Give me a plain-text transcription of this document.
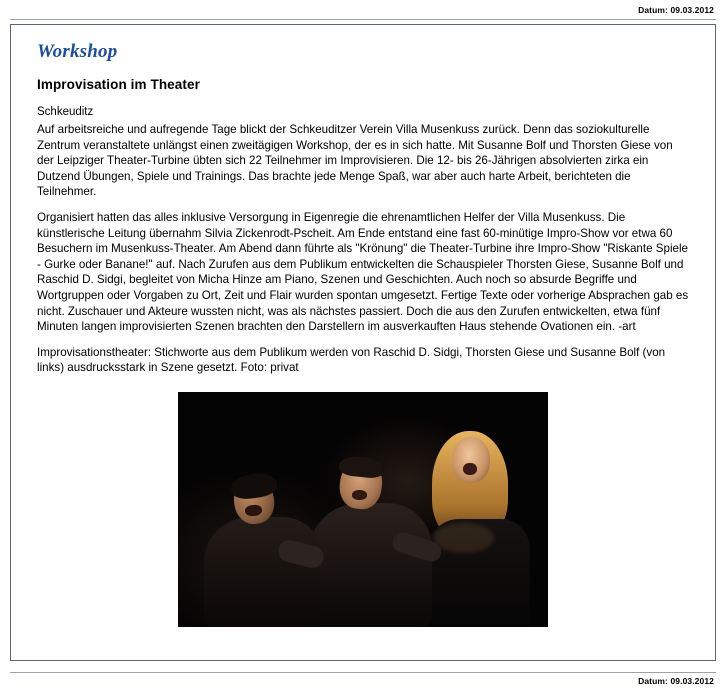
Datum: 09.03.2012
Workshop
Improvisation im Theater
Schkeuditz

Auf arbeitsreiche und aufregende Tage blickt der Schkeuditzer Verein Villa Musenkuss zurück. Denn das soziokulturelle Zentrum veranstaltete unlängst einen zweitägigen Workshop, der es in sich hatte. Mit Susanne Bolf und Thorsten Giese von der Leipziger Theater-Turbine übten sich 22 Teilnehmer im Improvisieren. Die 12- bis 26-Jährigen absolvierten zirka ein Dutzend Übungen, Spiele und Trainings. Das brachte jede Menge Spaß, war aber auch harte Arbeit, berichteten die Teilnehmer.

Organisiert hatten das alles inklusive Versorgung in Eigenregie die ehrenamtlichen Helfer der Villa Musenkuss. Die künstlerische Leitung übernahm Silvia Zickenrodt-Pscheit. Am Ende entstand eine fast 60-minütige Impro-Show vor etwa 60 Besuchern im Musenkuss-Theater. Am Abend dann führte als "Krönung" die Theater-Turbine ihre Impro-Show "Riskante Spiele - Gurke oder Banane!" auf. Nach Zurufen aus dem Publikum entwickelten die Schauspieler Thorsten Giese, Susanne Bolf und Raschid D. Sidgi, begleitet von Micha Hinze am Piano, Szenen und Geschichten. Auch noch so absurde Begriffe und Wortgruppen oder Vorgaben zu Ort, Zeit und Flair wurden spontan umgesetzt. Fertige Texte oder vorherige Absprachen gab es nicht. Zuschauer und Akteure wussten nicht, was als nächstes passiert. Doch die aus den Zurufen entwickelten, etwa fünf Minuten langen improvisierten Szenen brachten den Darstellern im ausverkauften Haus stehende Ovationen ein. -art

Improvisationstheater: Stichworte aus dem Publikum werden von Raschid D. Sidgi, Thorsten Giese und Susanne Bolf (von links) ausdrucksstark in Szene gesetzt. Foto: privat

Datum: 09.03.2012
